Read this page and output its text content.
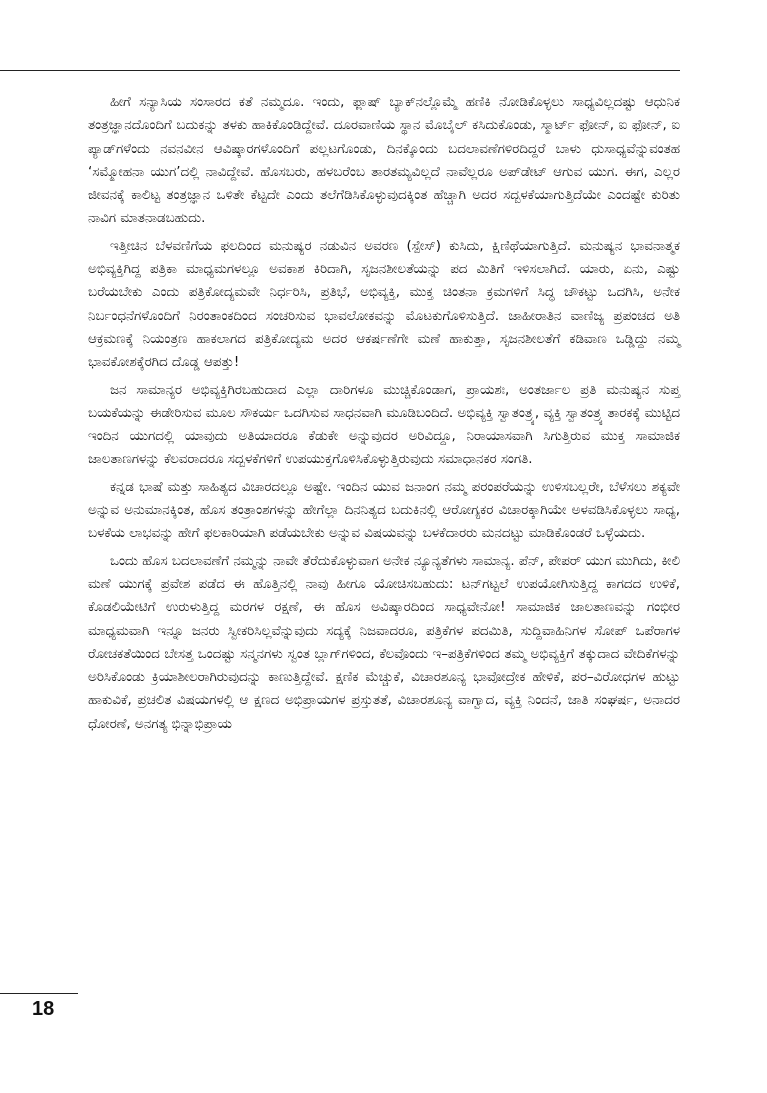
ಹೀಗೆ ಸನ್ಯಾಸಿಯ ಸಂಸಾರದ ಕತೆ ನಮ್ಮದೂ. ಇಂದು, ಫ್ಲಾಷ್ ಬ್ಯಾಕ್‌ನಲ್ಲೊಮ್ಮೆ ಹಣಿಕಿ ನೋಡಿಕೊಳ್ಳಲು ಸಾಧ್ಯವಿಲ್ಲದಷ್ಟು ಆಧುನಿಕ ತಂತ್ರಜ್ಞಾನದೊಂದಿಗೆ ಬದುಕನ್ನು ತಳಕು ಹಾಕಿಕೊಂಡಿದ್ದೇವೆ. ದೂರವಾಣಿಯ ಸ್ಥಾನ ಮೊಬೈಲ್ ಕಸಿದುಕೊಂಡು, ಸ್ಮಾರ್ಟ್ ಫೋನ್, ಐ ಫೋನ್, ಐ ಪ್ಯಾಡ್‌ಗಳೆಂದು ನವನವೀನ ಆವಿಷ್ಕಾರಗಳೊಂದಿಗೆ ಪಲ್ಲಟಗೊಂಡು, ದಿನಕ್ಕೊಂದು ಬದಲಾವಣೆಗಳಿರದಿದ್ದರೆ ಬಾಳು ಧುಸಾಧ್ಯವೆನ್ನುವಂತಹ ‘ಸಮ್ಮೋಹನಾ ಯುಗ’ದಲ್ಲಿ ನಾವಿದ್ದೇವೆ. ಹೊಸಬರು, ಹಳಬರೆಂಬ ತಾರತಮ್ಯವಿಲ್ಲದೆ ನಾವೆಲ್ಲರೂ ಅಪ್‌ಡೇಟ್ ಆಗುವ ಯುಗ. ಈಗ, ಎಲ್ಲರ ಜೀವನಕ್ಕೆ ಕಾಲಿಟ್ಟ ತಂತ್ರಜ್ಞಾನ ಒಳಿತೇ ಕೆಟ್ಟದೇ ಎಂದು ತಲೆಗೆಡಿಸಿಕೊಳ್ಳುವುದಕ್ಕಿಂತ ಹೆಚ್ಚಾಗಿ ಅದರ ಸದ್ಬಳಕೆಯಾಗುತ್ತಿದೆಯೇ ಎಂದಷ್ಟೇ ಕುರಿತು ನಾವಿಗ ಮಾತನಾಡಬಹುದು.

ಇತ್ತೀಚಿನ ಬೆಳವಣಿಗೆಯ ಫಲದಿಂದ ಮನುಷ್ಯರ ನಡುವಿನ ಅವರಣ (ಸ್ಪೇಸ್) ಕುಸಿದು, ಕ್ಷಿಣಿಥೆಯಾಗುತ್ತಿದೆ. ಮನುಷ್ಯನ ಭಾವನಾತ್ಮಕ ಅಭಿವ್ಯಕ್ತಿಗಿದ್ದ ಪತ್ರಿಕಾ ಮಾಧ್ಯಮಗಳಲ್ಲೂ ಅವಕಾಶ ಕಿರಿದಾಗಿ, ಸೃಜನಶೀಲತೆಯನ್ನು ಪದ ಮಿತಿಗೆ ಇಳಿಸಲಾಗಿದೆ. ಯಾರು, ಏನು, ಎಷ್ಟು ಬರೆಯಬೇಕು ಎಂದು ಪತ್ರಿಕೋದ್ಯಮವೇ ನಿರ್ಧರಿಸಿ, ಪ್ರತಿಭೆ, ಅಭಿವ್ಯಕ್ತಿ, ಮುಕ್ತ ಚಿಂತನಾ ಕ್ರಮಗಳಿಗೆ ಸಿದ್ಧ ಚೌಕಟ್ಟು ಒದಗಿಸಿ, ಅನೇಕ ನಿರ್ಬಂಧನೆಗಳೊಂದಿಗೆ ನಿರಂತಾಂಕದಿಂದ ಸಂಚರಿಸುವ ಭಾವಲೋಕವನ್ನು ಮೊಟಕುಗೊಳಿಸುತ್ತಿದೆ. ಜಾಹೀರಾತಿನ ವಾಣಿಜ್ಯ ಪ್ರಪಂಚದ ಅತಿ ಆಕ್ರಮಣಕ್ಕೆ ನಿಯಂತ್ರಣ ಹಾಕಲಾಗದ ಪತ್ರಿಕೋದ್ಯಮ ಅದರ ಆಕರ್ಷಣೆಗೇ ಮಣೆ ಹಾಕುತ್ತಾ, ಸೃಜನಶೀಲತೆಗೆ ಕಡಿವಾಣ ಒಡ್ಡಿದ್ದು ನಮ್ಮ ಭಾವಕೋಶಕ್ಕೆರಗಿದ ದೊಡ್ಡ ಆಪತ್ತು!

ಜನ ಸಾಮಾನ್ಯರ ಅಭಿವ್ಯಕ್ತಿಗಿರಬಹುದಾದ ಎಲ್ಲಾ ದಾರಿಗಳೂ ಮುಚ್ಚಿಕೊಂಡಾಗ, ಪ್ರಾಯಶಃ, ಅಂತರ್ಜಾಲ ಪ್ರತಿ ಮನುಷ್ಯನ ಸುಪ್ತ ಬಯಕೆಯನ್ನು ಈಡೇರಿಸುವ ಮೂಲ ಸೌಕರ್ಯ ಒದಗಿಸುವ ಸಾಧನವಾಗಿ ಮೂಡಿಬಂದಿದೆ. ಅಭಿವ್ಯಕ್ತಿ ಸ್ವಾತಂತ್ರ್ಯ, ವ್ಯಕ್ತಿ ಸ್ವಾತಂತ್ರ್ಯ ತಾರಕಕ್ಕೆ ಮುಟ್ಟಿದ ಇಂದಿನ ಯುಗದಲ್ಲಿ ಯಾವುದು ಅತಿಯಾದರೂ ಕೆಡುಕೇ ಅನ್ನುವುದರ ಅರಿವಿದ್ದೂ, ನಿರಾಯಾಸವಾಗಿ ಸಿಗುತ್ತಿರುವ ಮುಕ್ತ ಸಾಮಾಜಿಕ ಜಾಲತಾಣಗಳನ್ನು ಕೆಲವರಾದರೂ ಸದ್ಬಳಕೆಗಳಿಗೆ ಉಪಯುಕ್ತಗೊಳಿಸಿಕೊಳ್ಳುತ್ತಿರುವುದು ಸಮಾಧಾನಕರ ಸಂಗತಿ.

ಕನ್ನಡ ಭಾಷೆ ಮತ್ತು ಸಾಹಿತ್ಯದ ವಿಚಾರದಲ್ಲೂ ಅಷ್ಟೇ. ಇಂದಿನ ಯುವ ಜನಾಂಗ ನಮ್ಮ ಪರಂಪರೆಯನ್ನು ಉಳಿಸಬಲ್ಲರೇ, ಬೆಳೆಸಲು ಶಕ್ಯವೇ ಅನ್ನುವ ಅನುಮಾನಕ್ಕಿಂತ, ಹೊಸ ತಂತ್ರಾಂಶಗಳನ್ನು ಹೇಗೆಲ್ಲಾ ದಿನನಿತ್ಯದ ಬದುಕಿನಲ್ಲಿ ಆರೋಗ್ಯಕರ ವಿಚಾರಕ್ಕಾಗಿಯೇ ಅಳವಡಿಸಿಕೊಳ್ಳಲು ಸಾಧ್ಯ, ಬಳಕೆಯ ಲಾಭವನ್ನು ಹೇಗೆ ಫಲಕಾರಿಯಾಗಿ ಪಡೆಯಬೇಕು ಅನ್ನುವ ವಿಷಯವನ್ನು ಬಳಕೆದಾರರು ಮನದಟ್ಟು ಮಾಡಿಕೊಂಡರೆ ಒಳ್ಳೆಯದು.

ಒಂದು ಹೊಸ ಬದಲಾವಣೆಗೆ ನಮ್ಮನ್ನು ನಾವೇ ತೆರೆದುಕೊಳ್ಳುವಾಗ ಅನೇಕ ನ್ಯೂನ್ಯತೆಗಳು ಸಾಮಾನ್ಯ. ಪೆನ್, ಪೇಪರ್ ಯುಗ ಮುಗಿದು, ಕೀಲಿ ಮಣೆ ಯುಗಕ್ಕೆ ಪ್ರವೇಶ ಪಡೆದ ಈ ಹೊತ್ತಿನಲ್ಲಿ ನಾವು ಹೀಗೂ ಯೋಚಿಸಬಹುದು: ಟನ್‌ಗಟ್ಟಲೆ ಉಪಯೋಗಿಸುತ್ತಿದ್ದ ಕಾಗದದ ಉಳಿಕೆ, ಕೊಡಲಿಯೇಟಿಗೆ ಉರುಳುತ್ತಿದ್ದ ಮರಗಳ ರಕ್ಷಣೆ, ಈ ಹೊಸ ಅವಿಷ್ಕಾರದಿಂದ ಸಾಧ್ಯವೇನೋ! ಸಾಮಾಜಿಕ ಜಾಲತಾಣವನ್ನು ಗಂಭೀರ ಮಾಧ್ಯಮವಾಗಿ ಇನ್ನೂ ಜನರು ಸ್ವೀಕರಿಸಿಲ್ಲವೆನ್ನುವುದು ಸದ್ಯಕ್ಕೆ ನಿಜವಾದರೂ, ಪತ್ರಿಕೆಗಳ ಪದಮಿತಿ, ಸುದ್ದಿವಾಹಿನಿಗಳ ಸೋಪ್ ಒಪೆರಾಗಳ ರೋಚಕತೆಯಿಂದ ಬೇಸತ್ತ ಒಂದಷ್ಟು ಸನ್ಮನಗಳು ಸ್ವಂತ ಬ್ಲಾಗ್‌ಗಳಿಂದ, ಕೆಲವೊಂದು ಇ–ಪತ್ರಿಕೆಗಳಿಂದ ತಮ್ಮ ಅಭಿವ್ಯಕ್ತಿಗೆ ತಕ್ಕುದಾದ ವೇದಿಕೆಗಳನ್ನು ಅರಿಸಿಕೊಂಡು ಕ್ರಿಯಾಶೀಲರಾಗಿರುವುದನ್ನು ಕಾಣುತ್ತಿದ್ದೇವೆ. ಕ್ಷಣಿಕ ಮೆಚ್ಚುಕೆ, ವಿಚಾರಶೂನ್ಯ ಭಾವೋದ್ರೇಕ ಹೇಳಿಕೆ, ಪರ–ವಿರೋಧಗಳ ಹುಟ್ಟು ಹಾಕುವಿಕೆ, ಪ್ರಚಲಿತ ವಿಷಯಗಳಲ್ಲಿ ಆ ಕ್ಷಣದ ಅಭಿಪ್ರಾಯಗಳ ಪ್ರಸ್ತುತತೆ, ವಿಚಾರಶೂನ್ಯ ವಾಗ್ವಾದ, ವ್ಯಕ್ತಿ ನಿಂದನೆ, ಜಾತಿ ಸಂಘರ್ಷ, ಅನಾದರ ಧೋರಣೆ, ಅನಗತ್ಯ ಭಿನ್ನಾಭಿಪ್ರಾಯ

18
